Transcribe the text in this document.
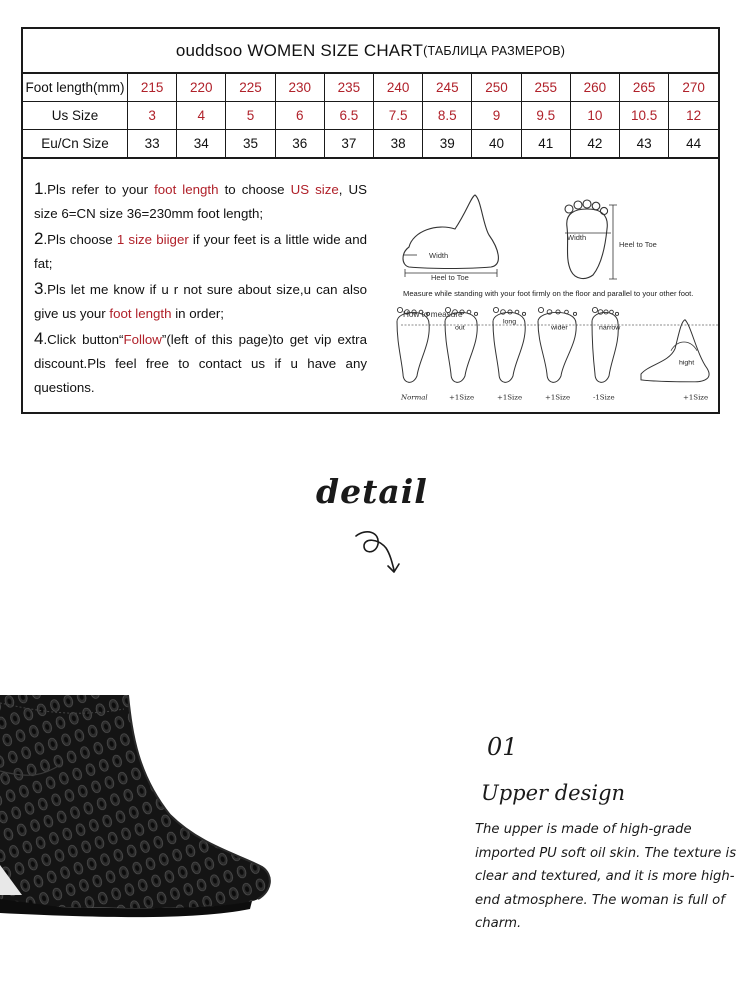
ouddsoo WOMEN SIZE CHART (ТАБЛИЦА РАЗМЕРОВ)
Foot length(mm)	215	220	225	230	235	240	245	250	255	260	265	270
Us Size	3	4	5	6	6.5	7.5	8.5	9	9.5	10	10.5	12
Eu/Cn Size	33	34	35	36	37	38	39	40	41	42	43	44

1.Pls refer to your foot length to choose US size, US size 6=CN size 36=230mm foot length;

2.Pls choose 1 size biiger if your feet is a little wide and fat;

3.Pls let me know if u r not sure about size,u can also give us your foot length in order;

4.Click button“Follow”(left of this page)to get vip extra discount.Pls feel free to contact us if u have any questions.

Width
Heel to Toe
Width
Heel to Toe
Measure while standing with your foot firmly on the floor and parallel to your other foot.
How to measure
Normal
out
+1Size
long
+1Size
wider
+1Size
narrow
-1Size
hight
+1Size
detail
01
Upper design

The upper is made of high-grade imported PU soft oil skin. The texture is clear and textured, and it is more high-end atmosphere. The woman is full of charm.
